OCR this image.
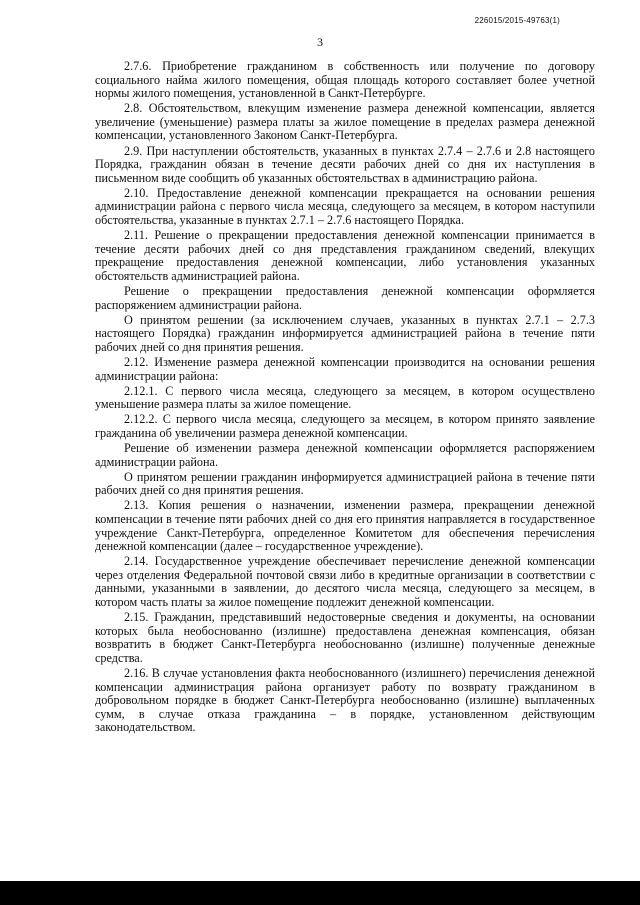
226015/2015-49763(1)
3

2.7.6. Приобретение гражданином в собственность или получение по договору социального найма жилого помещения, общая площадь которого составляет более учетной нормы жилого помещения, установленной в Санкт-Петербурге.

2.8. Обстоятельством, влекущим изменение размера денежной компенсации, является увеличение (уменьшение) размера платы за жилое помещение в пределах размера денежной компенсации, установленного Законом Санкт-Петербурга.

2.9. При наступлении обстоятельств, указанных в пунктах 2.7.4 – 2.7.6 и 2.8 настоящего Порядка, гражданин обязан в течение десяти рабочих дней со дня их наступления в письменном виде сообщить об указанных обстоятельствах в администрацию района.

2.10. Предоставление денежной компенсации прекращается на основании решения администрации района с первого числа месяца, следующего за месяцем, в котором наступили обстоятельства, указанные в пунктах 2.7.1 – 2.7.6 настоящего Порядка.

2.11. Решение о прекращении предоставления денежной компенсации принимается в течение десяти рабочих дней со дня представления гражданином сведений, влекущих прекращение предоставления денежной компенсации, либо установления указанных обстоятельств администрацией района.

Решение о прекращении предоставления денежной компенсации оформляется распоряжением администрации района.

О принятом решении (за исключением случаев, указанных в пунктах 2.7.1 – 2.7.3 настоящего Порядка) гражданин информируется администрацией района в течение пяти рабочих дней со дня принятия решения.

2.12. Изменение размера денежной компенсации производится на основании решения администрации района:

2.12.1. С первого числа месяца, следующего за месяцем, в котором осуществлено уменьшение размера платы за жилое помещение.

2.12.2. С первого числа месяца, следующего за месяцем, в котором принято заявление гражданина об увеличении размера денежной компенсации.

Решение об изменении размера денежной компенсации оформляется распоряжением администрации района.

О принятом решении гражданин информируется администрацией района в течение пяти рабочих дней со дня принятия решения.

2.13. Копия решения о назначении, изменении размера, прекращении денежной компенсации в течение пяти рабочих дней со дня его принятия направляется в государственное учреждение Санкт-Петербурга, определенное Комитетом для обеспечения перечисления денежной компенсации (далее – государственное учреждение).

2.14. Государственное учреждение обеспечивает перечисление денежной компенсации через отделения Федеральной почтовой связи либо в кредитные организации в соответствии с данными, указанными в заявлении, до десятого числа месяца, следующего за месяцем, в котором часть платы за жилое помещение подлежит денежной компенсации.

2.15. Гражданин, представивший недостоверные сведения и документы, на основании которых была необоснованно (излишне) предоставлена денежная компенсация, обязан возвратить в бюджет Санкт-Петербурга необоснованно (излишне) полученные денежные средства.

2.16. В случае установления факта необоснованного (излишнего) перечисления денежной компенсации администрация района организует работу по возврату гражданином в добровольном порядке в бюджет Санкт-Петербурга необоснованно (излишне) выплаченных сумм, в случае отказа гражданина – в порядке, установленном действующим законодательством.
